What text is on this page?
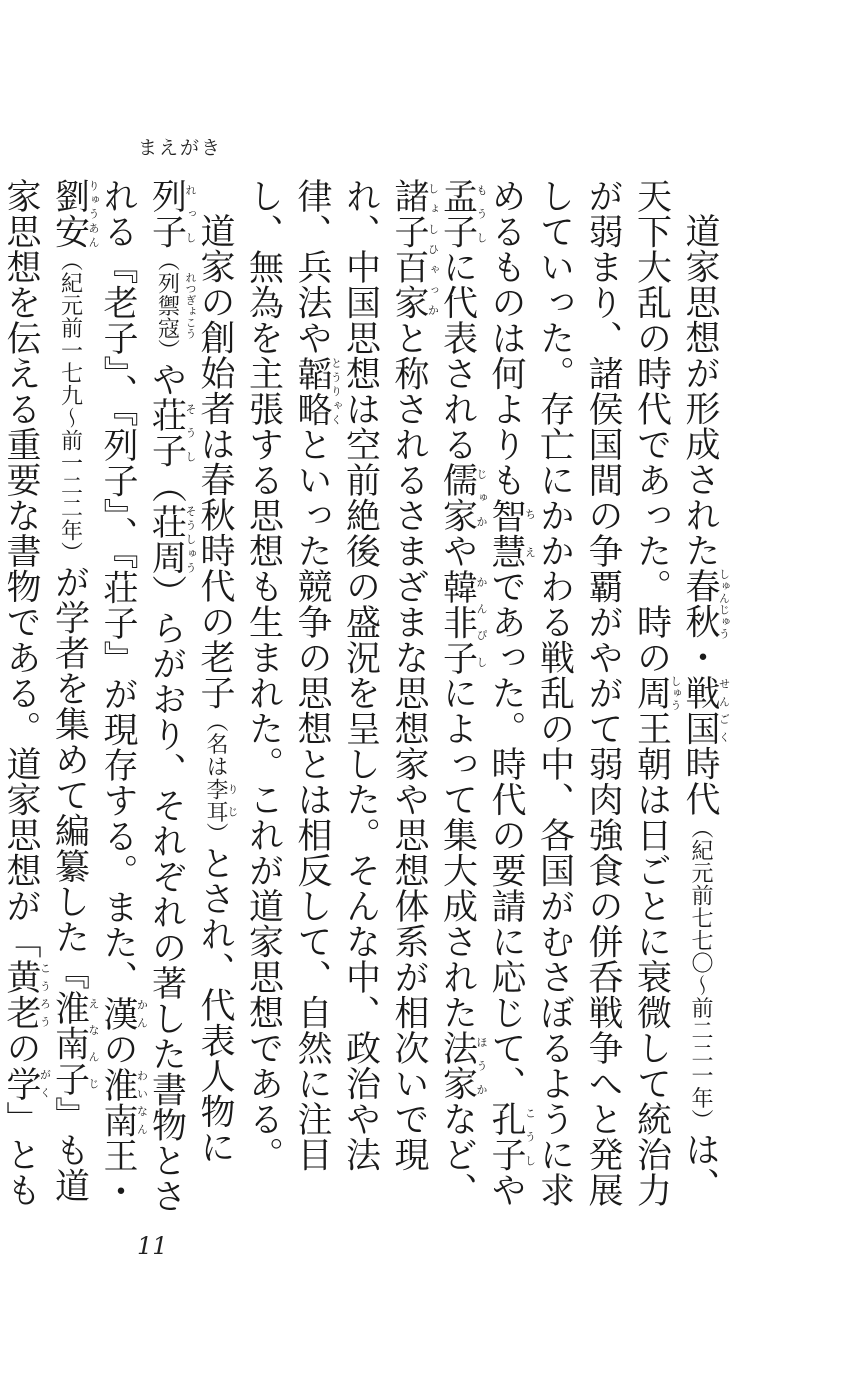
まえがき

道家思想が形成された春秋しゅんじゅう・戦国せんごく時代（紀元前七七〇～前二二一年）は、天下大乱の時代であった。時の周しゅう王朝は日ごとに衰微して統治力が弱まり、諸侯国間の争覇がやがて弱肉強食の併呑戦争へと発展していった。存亡にかかわる戦乱の中、各国がむさぼるように求めるものは何よりも智慧ちえであった。時代の要請に応じて、孔子こうしや孟子もうしに代表される儒家じゅかや韓非子かんぴしによって集大成された法家ほうかなど、諸子百家しょしひゃっかと称されるさまざまな思想家や思想体系が相次いで現れ、中国思想は空前絶後の盛況を呈した。そんな中、政治や法律、兵法や韜略とうりゃくといった競争の思想とは相反して、自然に注目し、無為を主張する思想も生まれた。これが道家思想である。

道家の創始者は春秋時代の老子（名は李耳りじ）とされ、代表人物に列子れっし（列禦寇 れつぎょこう）や荘子そうし（荘周そうしゅう）らがおり、それぞれの著した書物とされる『老子』、『列子』、『荘子』が現存する。また、漢かんの淮南わいなん王・劉安りゅうあん（紀元前一七九～前一二二年）が学者を集めて編纂した『淮南子えなんじ』も道家思想を伝える重要な書物である。道家思想が「黄老こうろうの学がく」とも

11
